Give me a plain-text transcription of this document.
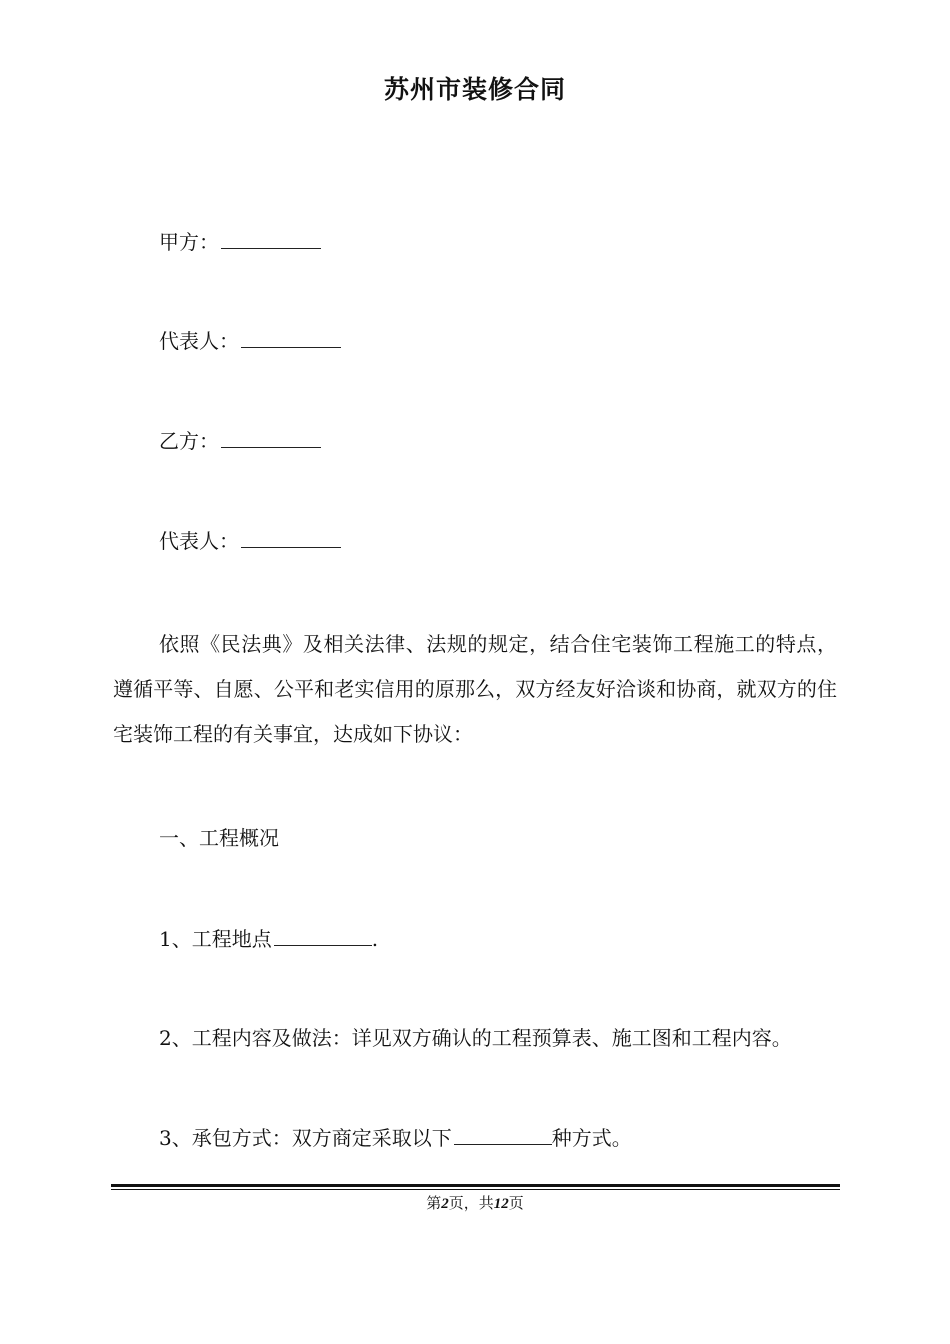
苏州市装修合同
甲方：
代表人：
乙方：
代表人：
依照《民法典》及相关法律、法规的规定，结合住宅装饰工程施工的特点，遵循平等、自愿、公平和老实信用的原那么，双方经友好洽谈和协商，就双方的住宅装饰工程的有关事宜，达成如下协议：
一、工程概况
1、工程地点	.
2、工程内容及做法：详见双方确认的工程预算表、施工图和工程内容。
3、承包方式：双方商定采取以下	种方式。
第2页，共12页
